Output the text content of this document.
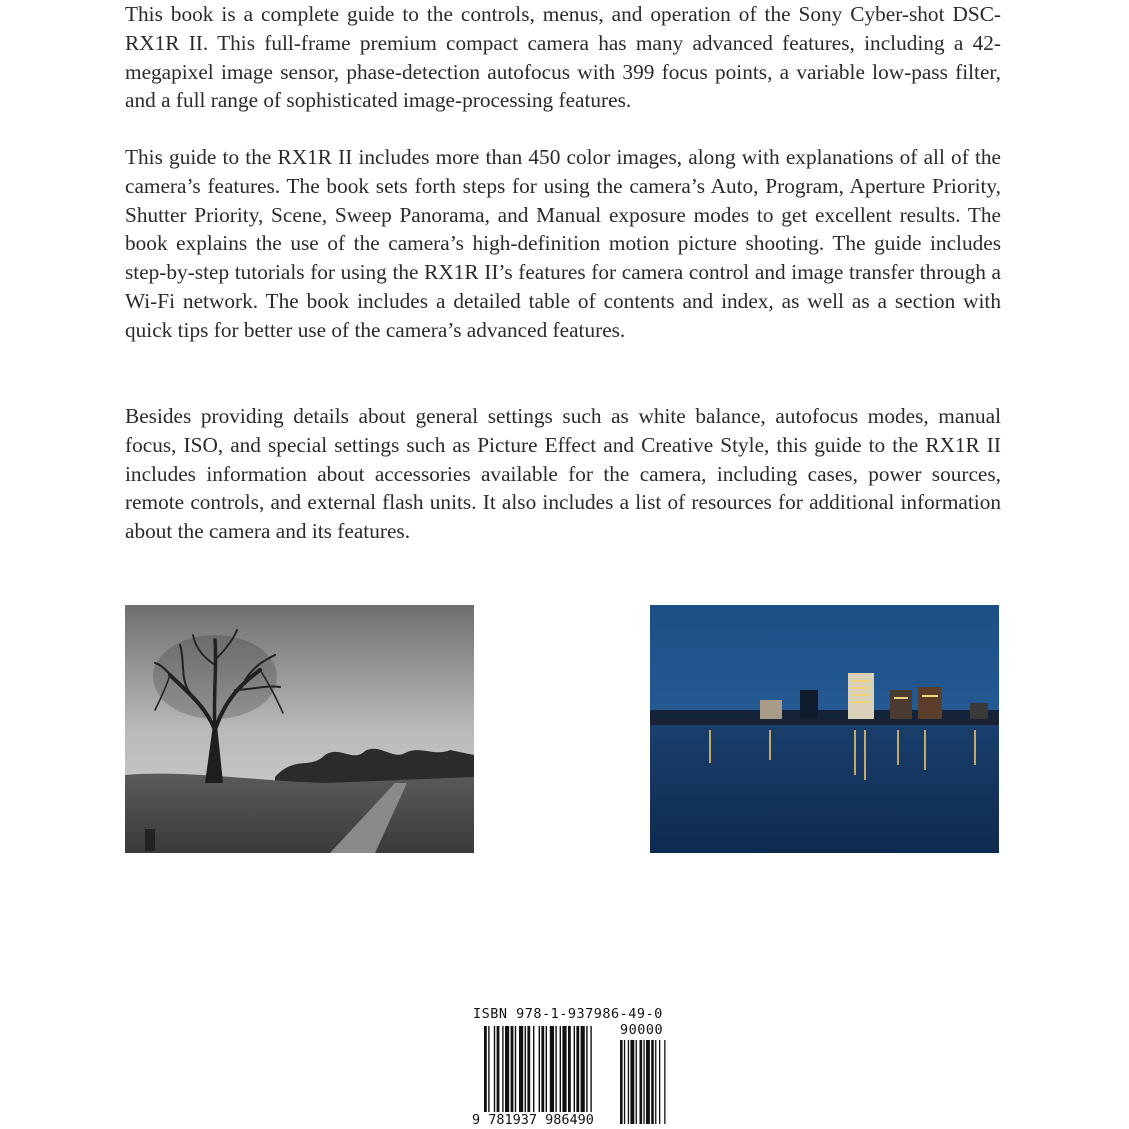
This book is a complete guide to the controls, menus, and operation of the Sony Cyber-shot DSC-RX1R II. This full-frame premium compact camera has many advanced features, including a 42-megapixel image sensor, phase-detection autofocus with 399 focus points, a variable low-pass filter, and a full range of sophisticated image-processing features.

This guide to the RX1R II includes more than 450 color images, along with explanations of all of the camera’s features. The book sets forth steps for using the camera’s Auto, Program, Aperture Priority, Shutter Priority, Scene, Sweep Panorama, and Manual exposure modes to get excellent results. The book explains the use of the camera’s high-definition motion picture shooting. The guide includes step-by-step tutorials for using the RX1R II’s features for camera control and image transfer through a Wi-Fi network. The book includes a detailed table of contents and index, as well as a section with quick tips for better use of the camera’s advanced features.

Besides providing details about general settings such as white balance, autofocus modes, manual focus, ISO, and special settings such as Picture Effect and Creative Style, this guide to the RX1R II includes information about accessories available for the camera, including cases, power sources, remote controls, and external flash units. It also includes a list of resources for additional information about the camera and its features.

ISBN 978-1-937986-49-0
90000
9 781937 986490
